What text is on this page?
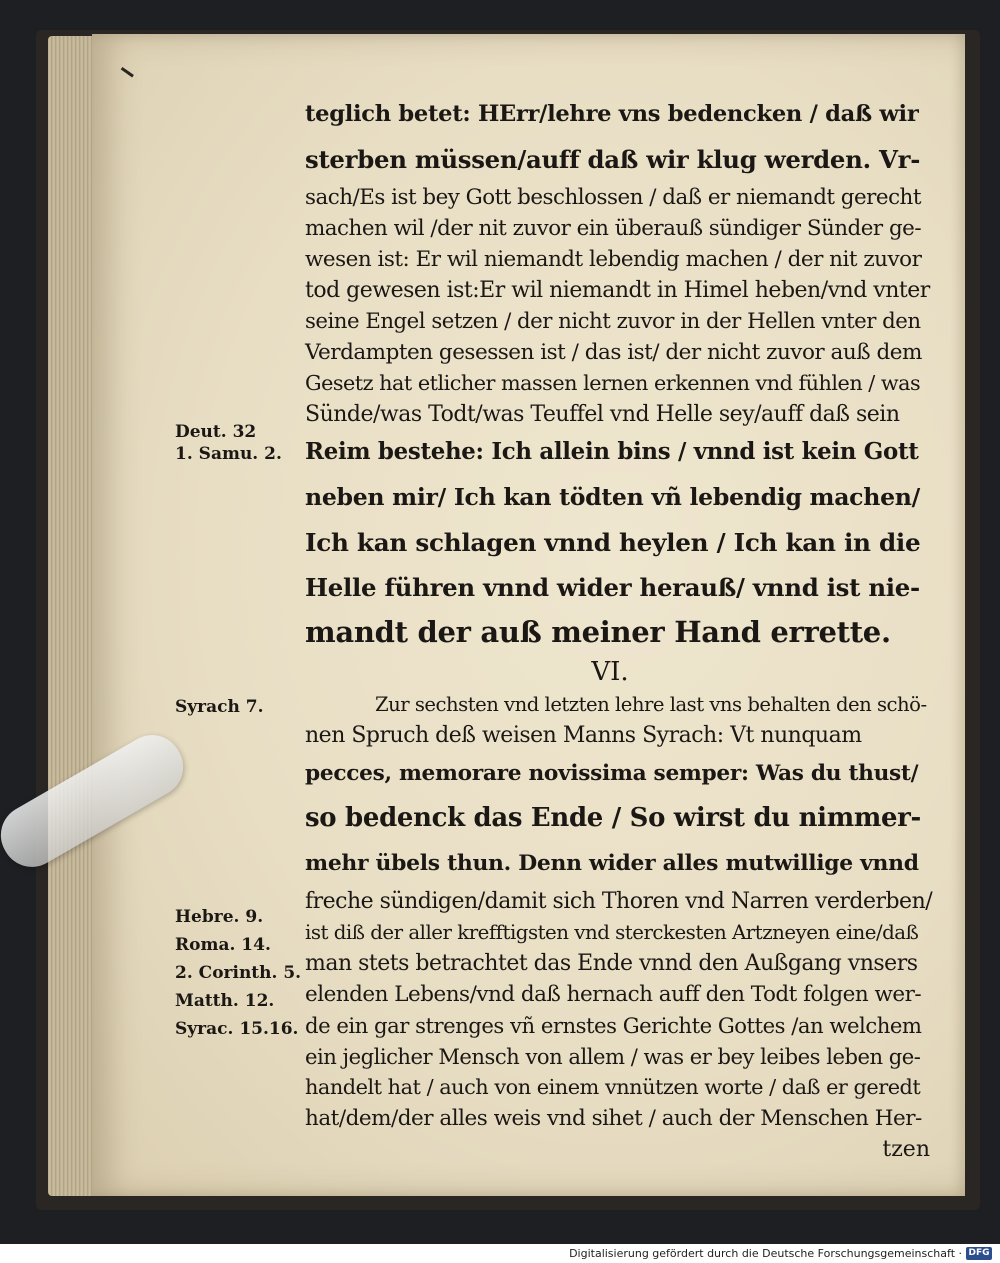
teglich betet: HErr/lehre vns bedencken / daß wir
sterben müssen/auff daß wir klug werden. Vr-
sach/Es ist bey Gott beschlossen / daß er niemandt gerecht
machen wil /der nit zuvor ein überauß sündiger Sünder ge-
wesen ist: Er wil niemandt lebendig machen / der nit zuvor
tod gewesen ist:Er wil niemandt in Himel heben/vnd vnter
seine Engel setzen / der nicht zuvor in der Hellen vnter den
Verdampten gesessen ist / das ist/ der nicht zuvor auß dem
Gesetz hat etlicher massen lernen erkennen vnd fühlen / was
Sünde/was Todt/was Teuffel vnd Helle sey/auff daß sein
Reim bestehe: Ich allein bins / vnnd ist kein Gott
neben mir/ Ich kan tödten vñ lebendig machen/
Ich kan schlagen vnnd heylen / Ich kan in die
Helle führen vnnd wider herauß/ vnnd ist nie-
mandt der auß meiner Hand errette.
VI.
Zur sechsten vnd letzten lehre last vns behalten den schö-
nen Spruch deß weisen Manns Syrach: Vt nunquam
pecces, memorare novissima semper: Was du thust/
so bedenck das Ende / So wirst du nimmer-
mehr übels thun. Denn wider alles mutwillige vnnd
freche sündigen/damit sich Thoren vnd Narren verderben/
ist diß der aller krefftigsten vnd sterckesten Artzneyen eine/daß
man stets betrachtet das Ende vnnd den Außgang vnsers
elenden Lebens/vnd daß hernach auff den Todt folgen wer-
de ein gar strenges vñ ernstes Gerichte Gottes /an welchem
ein jeglicher Mensch von allem / was er bey leibes leben ge-
handelt hat / auch von einem vnnützen worte / daß er geredt
hat/dem/der alles weis vnd sihet / auch der Menschen Her-
tzen
Deut. 32
1. Samu. 2.
Syrach 7.
Hebre. 9.
Roma. 14.
2. Corinth. 5.
Matth. 12.
Syrac. 15.16.
Digitalisierung gefördert durch die Deutsche Forschungsgemeinschaft · DFG
